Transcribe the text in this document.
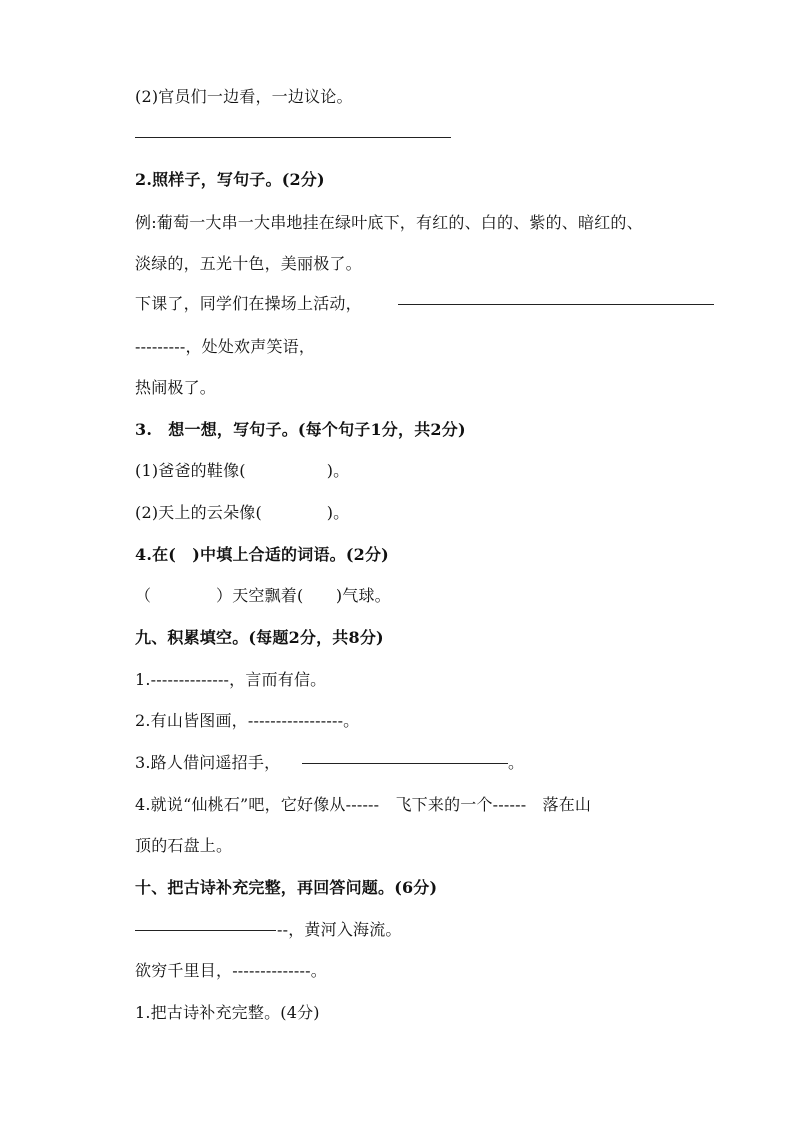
(2)官员们一边看，一边议论。
2.照样子，写句子。(2分)
例:葡萄一大串一大串地挂在绿叶底下，有红的、白的、紫的、暗红的、
淡绿的，五光十色，美丽极了。
下课了，同学们在操场上活动，
---------，处处欢声笑语，
热闹极了。
3.　想一想，写句子。(每个句子1分，共2分)
(1)爸爸的鞋像(　　　　　)。
(2)天上的云朵像(　　　　)。
4.在(　)中填上合适的词语。(2分)
（　　　　）天空飘着(　　)气球。
九、积累填空。(每题2分，共8分)
1.--------------，言而有信。
2.有山皆图画，-----------------。
3.路人借问遥招手，	。
4.就说“仙桃石”吧，它好像从------　飞下来的一个------　落在山
顶的石盘上。
十、把古诗补充完整，再回答问题。(6分)
--，黄河入海流。
欲穷千里目，--------------。
1.把古诗补充完整。(4分)
